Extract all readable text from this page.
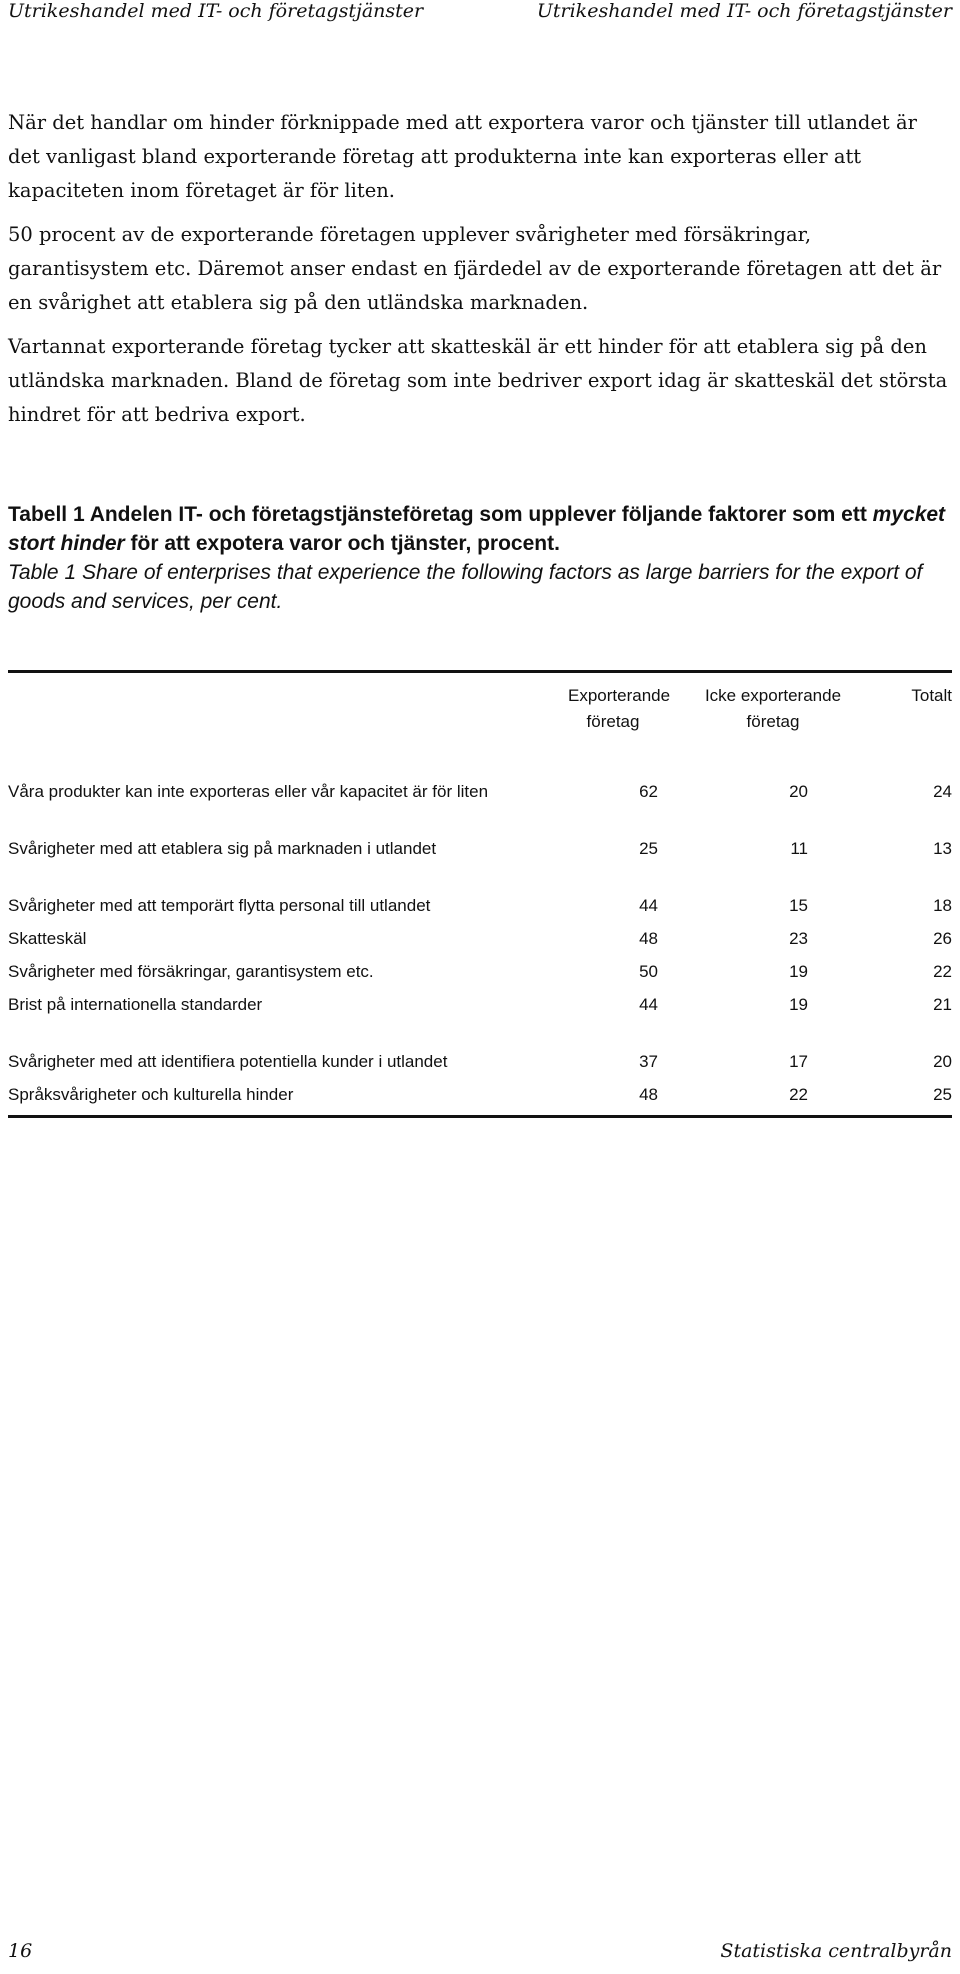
Utrikeshandel med IT- och företagstjänster	Utrikeshandel med IT- och företagstjänster

När det handlar om hinder förknippade med att exportera varor och tjänster till utlandet är det vanligast bland exporterande företag att produkterna inte kan exporteras eller att kapaciteten inom företaget är för liten.

50 procent av de exporterande företagen upplever svårigheter med försäkringar, garantisystem etc. Däremot anser endast en fjärdedel av de exporterande företagen att det är en svårighet att etablera sig på den utländska marknaden.

Vartannat exporterande företag tycker att skatteskäl är ett hinder för att etablera sig på den utländska marknaden. Bland de företag som inte bedriver export idag är skatteskäl det största hindret för att bedriva export.

Tabell 1 Andelen IT- och företagstjänsteföretag som upplever följande faktorer som ett mycket stort hinder för att expotera varor och tjänster, procent.
Table 1 Share of enterprises that experience the following factors as large barriers for the export of goods and services, per cent.
Exporterande företag
Icke exporterande företag
Totalt
Våra produkter kan inte exporteras eller vår kapacitet är för liten	62	20	24
Svårigheter med att etablera sig på marknaden i utlandet	25	11	13
Svårigheter med att temporärt flytta personal till utlandet	44	15	18
Skatteskäl	48	23	26
Svårigheter med försäkringar, garantisystem etc.	50	19	22
Brist på internationella standarder	44	19	21
Svårigheter med att identifiera potentiella kunder i utlandet	37	17	20
Språksvårigheter och kulturella hinder	48	22	25
16	Statistiska centralbyrån
